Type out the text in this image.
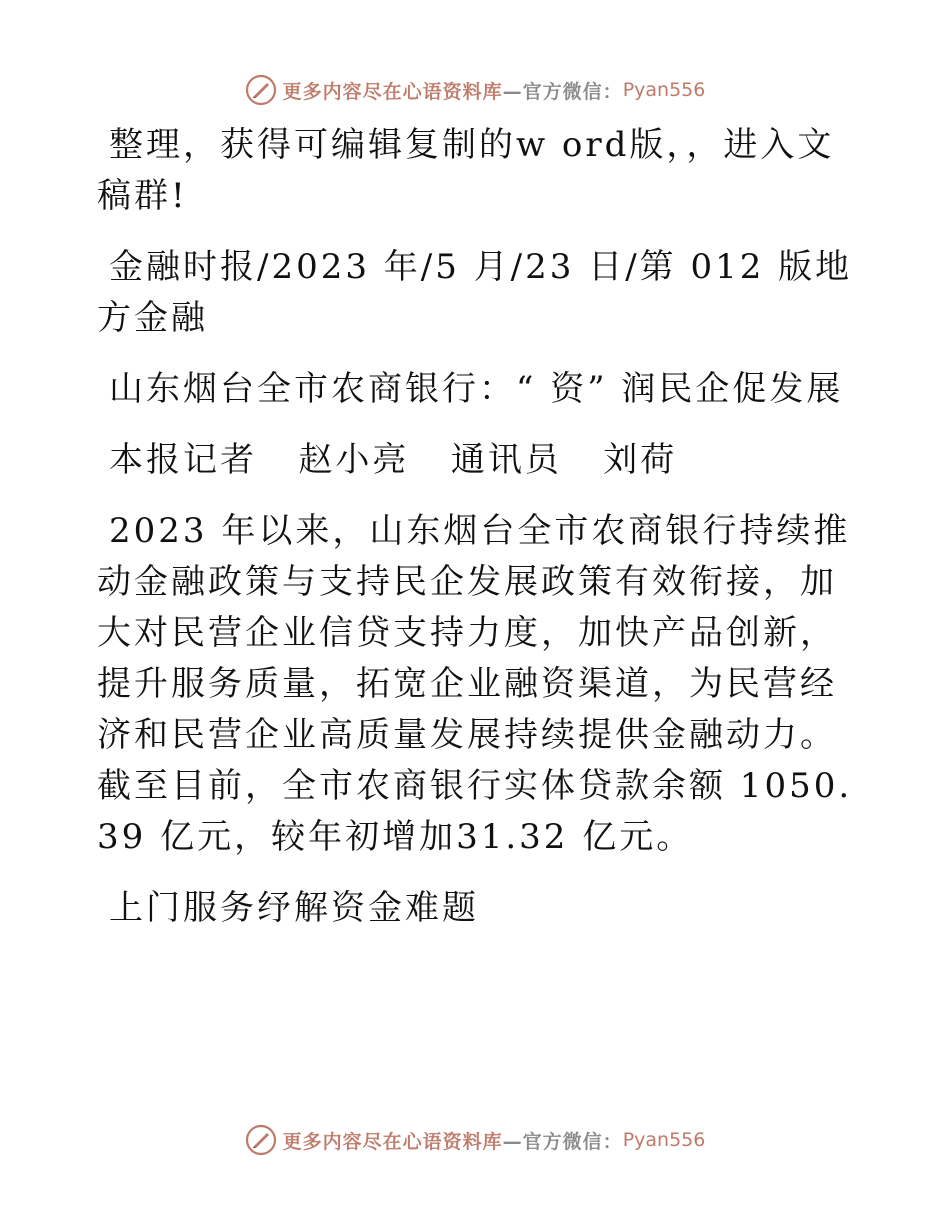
更多内容尽在心语资料库 —官方微信： Pyan556

整理，获得可编辑复制的w ord版，，进入文稿群!

金融时报/2023 年/5 月/23 日/第 012 版地方金融

山东烟台全市农商银行：“ 资” 润民企促发展

本报记者   赵小亮   通讯员   刘荷

2023 年以来，山东烟台全市农商银行持续推动金融政策与支持民企发展政策有效衔接，加大对民营企业信贷支持力度，加快产品创新，提升服务质量，拓宽企业融资渠道，为民营经济和民营企业高质量发展持续提供金融动力。截至目前，全市农商银行实体贷款余额 1050.39 亿元，较年初增加31.32 亿元。

上门服务纾解资金难题

更多内容尽在心语资料库 —官方微信： Pyan556
